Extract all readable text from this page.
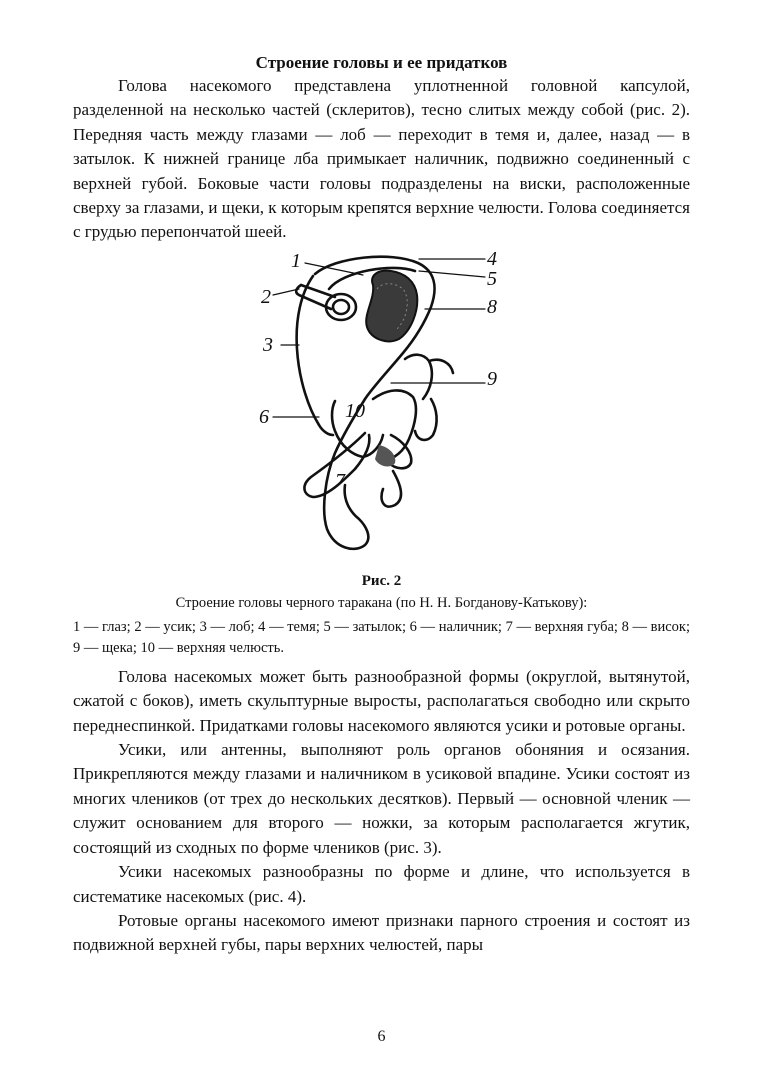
Строение головы и ее придатков

Голова насекомого представлена уплотненной головной капсулой, разделенной на несколько частей (склеритов), тесно слитых между собой (рис. 2). Передняя часть между глазами — лоб — переходит в темя и, далее, назад — в затылок. К нижней границе лба примыкает наличник, подвижно соединенный с верхней губой. Боковые части головы подразделены на виски, расположенные сверху за глазами, и щеки, к которым крепятся верхние челюсти. Голова соединяется с грудью перепончатой шеей.

1
2
3
4
5
6
7
8
9
10
Рис. 2
Строение головы черного таракана (по Н. Н. Богданову-Катькову):
1 — глаз; 2 — усик; 3 — лоб; 4 — темя; 5 — затылок; 6 — наличник; 7 — верхняя губа; 8 — висок; 9 — щека; 10 — верхняя челюсть.

Голова насекомых может быть разнообразной формы (округлой, вытянутой, сжатой с боков), иметь скульптурные выросты, располагаться свободно или скрыто переднеспинкой. Придатками головы насекомого являются усики и ротовые органы.

Усики, или антенны, выполняют роль органов обоняния и осязания. Прикрепляются между глазами и наличником в усиковой впадине. Усики состоят из многих члеников (от трех до нескольких десятков). Первый — основной членик — служит основанием для второго — ножки, за которым располагается жгутик, состоящий из сходных по форме члеников (рис. 3).

Усики насекомых разнообразны по форме и длине, что используется в систематике насекомых (рис. 4).

Ротовые органы насекомого имеют признаки парного строения и состоят из подвижной верхней губы, пары верхних челюстей, пары

6
